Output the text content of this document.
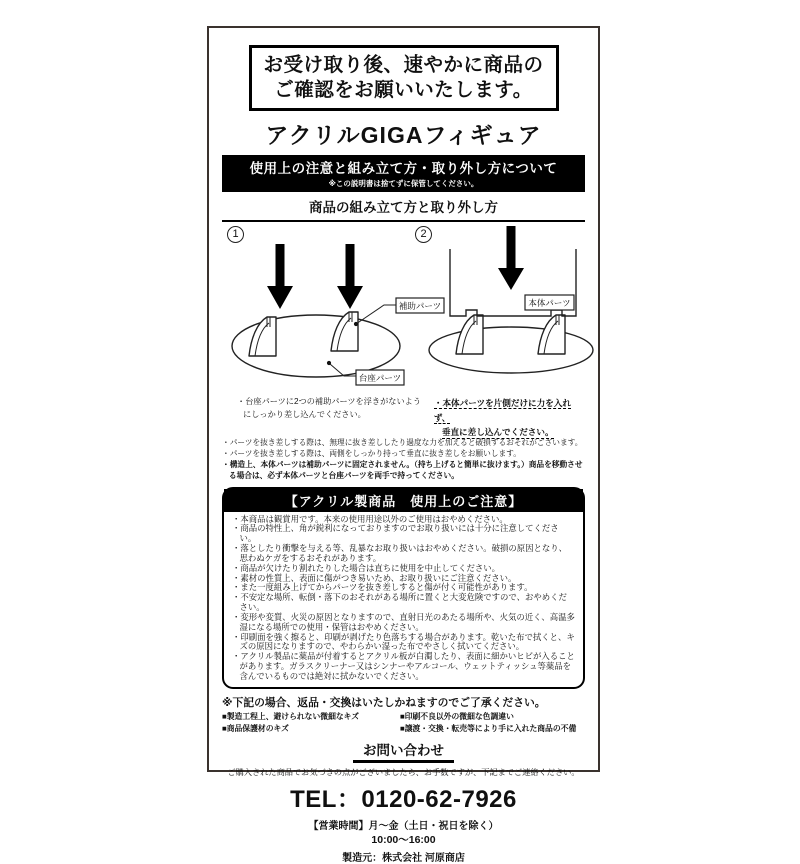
お受け取り後、速やかに商品の
ご確認をお願いいたします。
アクリルGIGAフィギュア
使用上の注意と組み立て方・取り外し方について
※この説明書は捨てずに保管してください。
商品の組み立て方と取り外し方
1	2
補助パーツ
台座パーツ
本体パーツ
・台座パーツに2つの補助パーツを浮きがないよう
にしっかり差し込んでください。
・本体パーツを片側だけに力を入れず、
垂直に差し込んでください。
・パーツを抜き差しする際は、無理に抜き差ししたり過度な力を加えると破損するおそれがございます。
・パーツを抜き差しする際は、両側をしっかり持って垂直に抜き差しをお願いします。
・構造上、本体パーツは補助パーツに固定されません。（持ち上げると簡単に抜けます。）商品を移動させる場合は、必ず本体パーツと台座パーツを両手で持ってください。
【アクリル製商品　使用上のご注意】
・本商品は観賞用です。本来の使用用途以外のご使用はおやめください。
・商品の特性上、角が鋭利になっておりますのでお取り扱いには十分に注意してください。
・落としたり衝撃を与える等、乱暴なお取り扱いはおやめください。破損の原因となり、思わぬケガをするおそれがあります。
・商品が欠けたり割れたりした場合は直ちに使用を中止してください。
・素材の性質上、表面に傷がつき易いため、お取り扱いにご注意ください。
・また一度組み上げてからパーツを抜き差しすると傷が付く可能性があります。
・不安定な場所、転倒・落下のおそれがある場所に置くと大変危険ですので、おやめください。
・変形や変質、火災の原因となりますので、直射日光のあたる場所や、火気の近く、高温多湿になる場所での使用・保管はおやめください。
・印刷面を強く擦ると、印刷が剥げたり色落ちする場合があります。乾いた布で拭くと、キズの原因になりますので、やわらかい湿った布でやさしく拭いてください。
・アクリル製品に薬品が付着するとアクリル板が白濁したり、表面に細かいヒビが入ることがあります。ガラスクリーナー又はシンナーやアルコール、ウェットティッシュ等薬品を含んでいるものでは絶対に拭かないでください。
※下記の場合、返品・交換はいたしかねますのでご了承ください。
■製造工程上、避けられない微細なキズ	■印刷不良以外の微細な色調違い
■商品保護材のキズ	■譲渡・交換・転売等により手に入れた商品の不備
お問い合わせ
ご購入された商品でお気づきの点がございましたら、お手数ですが、下記までご連絡ください。
TEL：0120-62-7926
【営業時間】月～金（土日・祝日を除く）
10:00～16:00
製造元：株式会社 河原商店
